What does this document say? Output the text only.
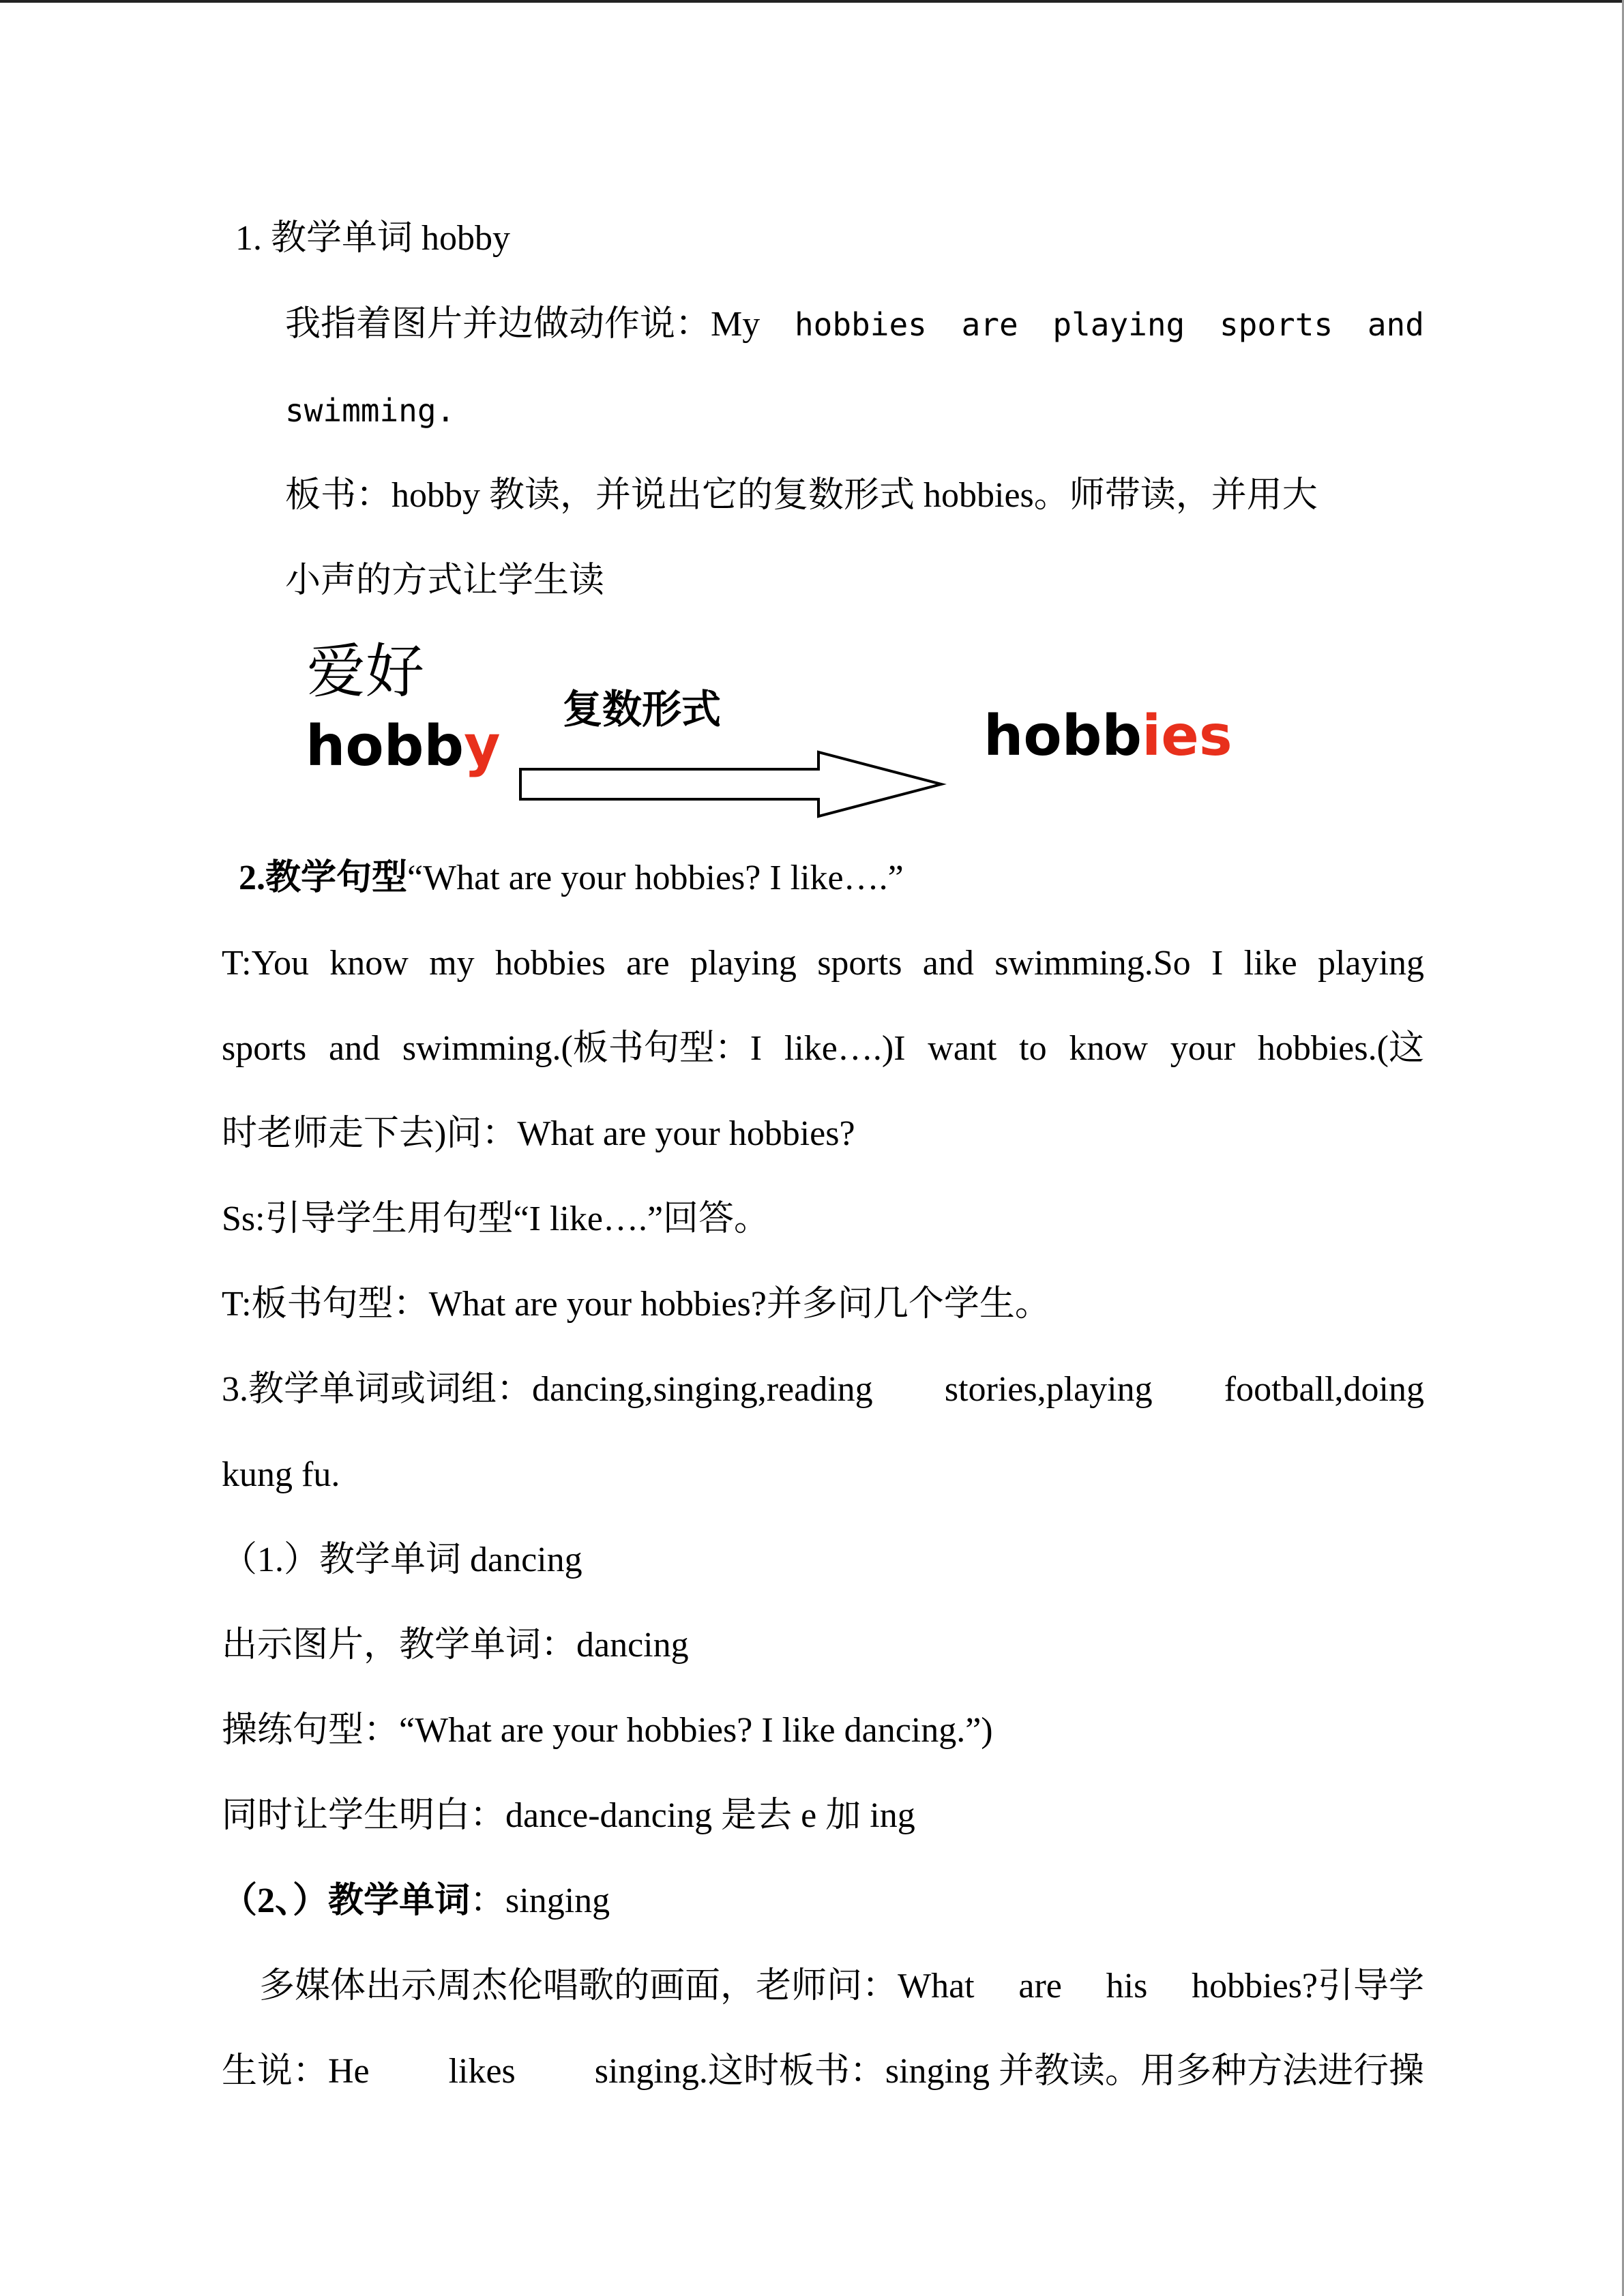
1. 教学单词 hobby
我指着图片并边做动作说：My hobbies are playing sports and
swimming.
板书：hobby 教读，并说出它的复数形式 hobbies。师带读，并用大
小声的方式让学生读
爱好
hobby
复数形式	hobbies
2.教学句型“What are your hobbies? I like….”
T:You know my hobbies are playing sports and swimming.So I like playing
sports and swimming.(板书句型：I like….)I want to know your hobbies.(这
时老师走下去)问：What are your hobbies?
Ss:引导学生用句型“I like….”回答。
T:板书句型：What are your hobbies?并多问几个学生。
3.教学单词或词组：dancing,singing,reading stories,playing football,doing
kung fu.
（1.）教学单词 dancing
出示图片，教学单词：dancing
操练句型：“What are your hobbies? I like dancing.”)
同时让学生明白：dance-dancing 是去 e 加 ing
（2、）教学单词：singing
多媒体出示周杰伦唱歌的画面，老师问：What are his hobbies?引导学
生说：He likes singing.这时板书：singing 并教读。用多种方法进行操
